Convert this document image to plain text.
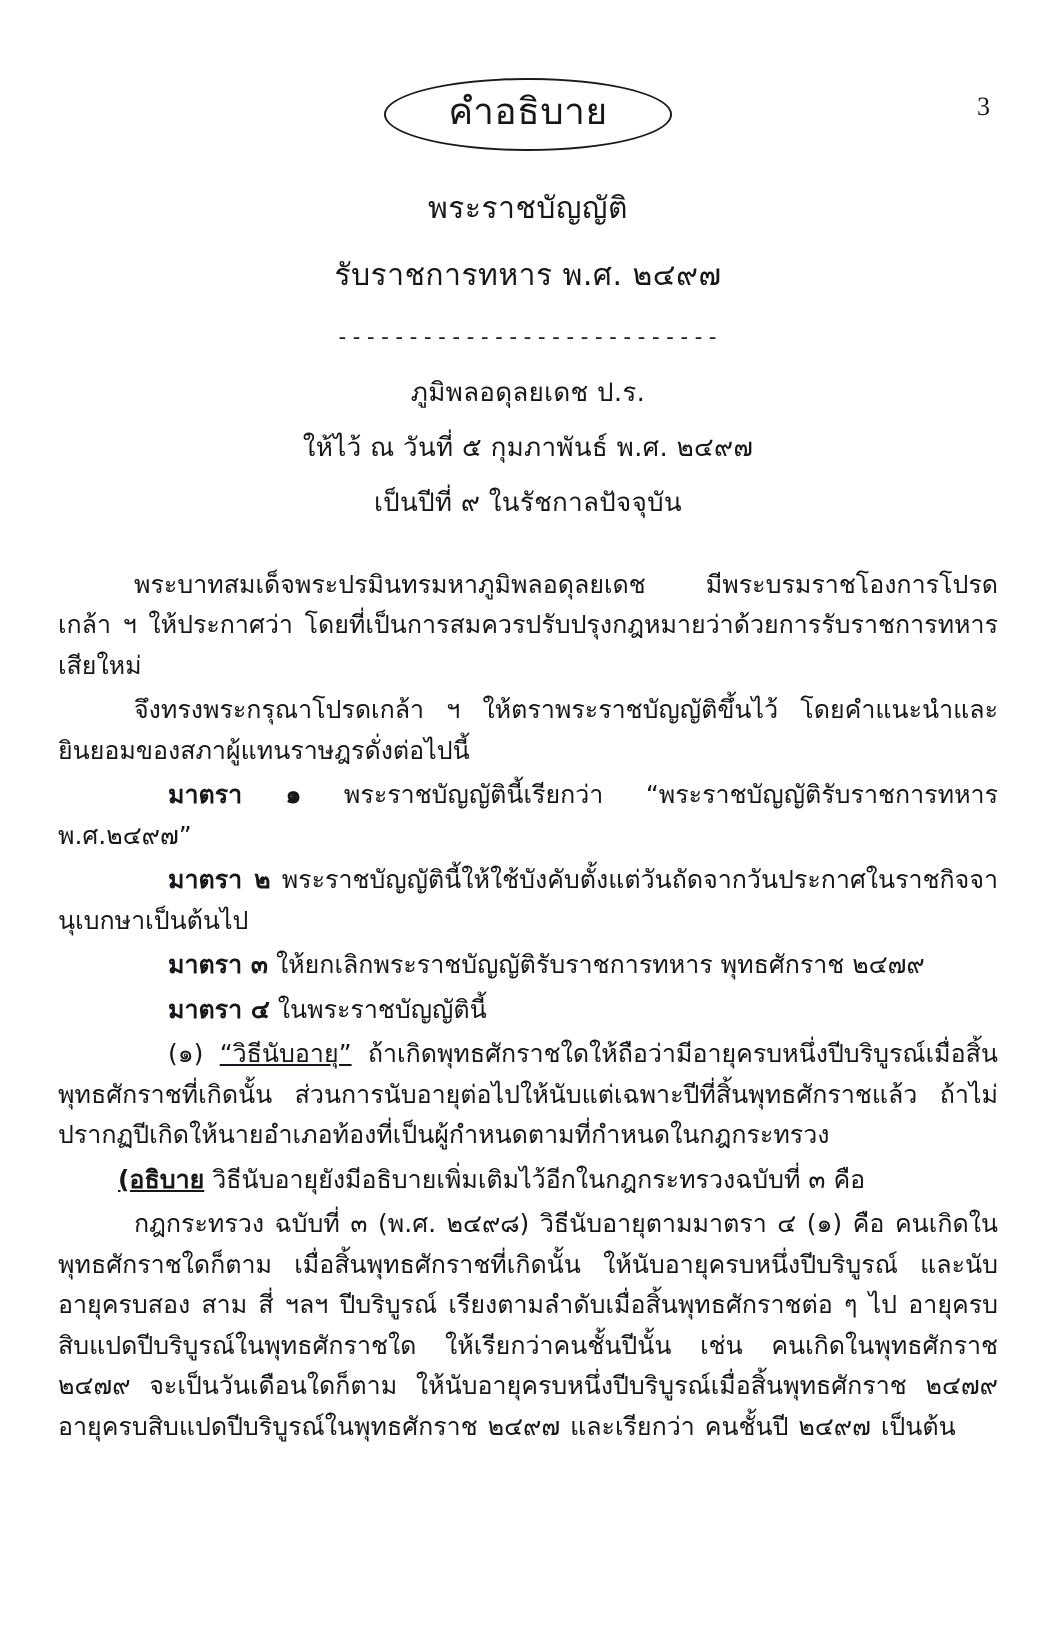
3
คำอธิบาย
พระราชบัญญัติ
รับราชการทหาร พ.ศ. ๒๔๙๗
---------------------------
ภูมิพลอดุลยเดช ป.ร.
ให้ไว้ ณ วันที่ ๕ กุมภาพันธ์ พ.ศ. ๒๔๙๗
เป็นปีที่ ๙ ในรัชกาลปัจจุบัน

พระบาทสมเด็จพระปรมินทรมหาภูมิพลอดุลยเดช มีพระบรมราชโองการโปรดเกล้า ฯ ให้ประกาศว่า โดยที่เป็นการสมควรปรับปรุงกฎหมายว่าด้วยการรับราชการทหารเสียใหม่

จึงทรงพระกรุณาโปรดเกล้า ฯ ให้ตราพระราชบัญญัติขึ้นไว้ โดยคำแนะนำและยินยอมของสภาผู้แทนราษฎรดั่งต่อไปนี้

มาตรา ๑ พระราชบัญญัตินี้เรียกว่า “พระราชบัญญัติรับราชการทหาร พ.ศ.๒๔๙๗”

มาตรา ๒ พระราชบัญญัตินี้ให้ใช้บังคับตั้งแต่วันถัดจากวันประกาศในราชกิจจานุเบกษาเป็นต้นไป

มาตรา ๓ ให้ยกเลิกพระราชบัญญัติรับราชการทหาร พุทธศักราช ๒๔๗๙

มาตรา ๔ ในพระราชบัญญัตินี้

(๑) “วิธีนับอายุ” ถ้าเกิดพุทธศักราชใดให้ถือว่ามีอายุครบหนึ่งปีบริบูรณ์เมื่อสิ้นพุทธศักราชที่เกิดนั้น ส่วนการนับอายุต่อไปให้นับแต่เฉพาะปีที่สิ้นพุทธศักราชแล้ว ถ้าไม่ปรากฏปีเกิดให้นายอำเภอท้องที่เป็นผู้กำหนดตามที่กำหนดในกฎกระทรวง

(อธิบาย วิธีนับอายุยังมีอธิบายเพิ่มเติมไว้อีกในกฎกระทรวงฉบับที่ ๓ คือ

กฎกระทรวง ฉบับที่ ๓ (พ.ศ. ๒๔๙๘) วิธีนับอายุตามมาตรา ๔ (๑) คือ คนเกิดในพุทธศักราชใดก็ตาม เมื่อสิ้นพุทธศักราชที่เกิดนั้น ให้นับอายุครบหนึ่งปีบริบูรณ์ และนับอายุครบสอง สาม สี่ ฯลฯ ปีบริบูรณ์ เรียงตามลำดับเมื่อสิ้นพุทธศักราชต่อ ๆ ไป อายุครบสิบแปดปีบริบูรณ์ในพุทธศักราชใด ให้เรียกว่าคนชั้นปีนั้น เช่น คนเกิดในพุทธศักราช ๒๔๗๙ จะเป็นวันเดือนใดก็ตาม ให้นับอายุครบหนึ่งปีบริบูรณ์เมื่อสิ้นพุทธศักราช ๒๔๗๙ อายุครบสิบแปดปีบริบูรณ์ในพุทธศักราช ๒๔๙๗ และเรียกว่า คนชั้นปี ๒๔๙๗ เป็นต้น
